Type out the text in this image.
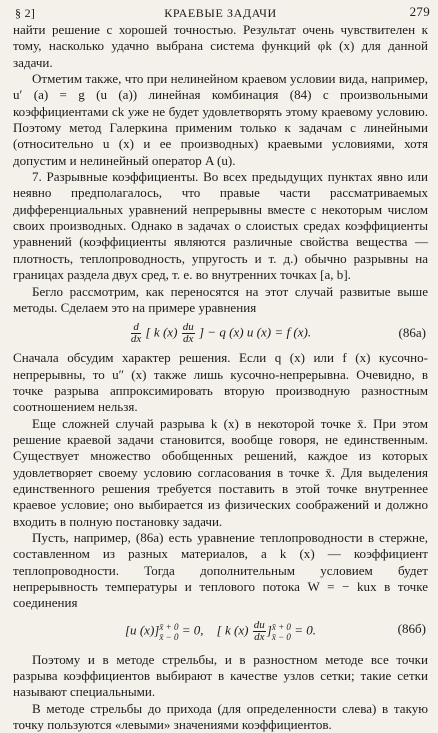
§ 2]	КРАЕВЫЕ ЗАДАЧИ	279

найти решение с хорошей точностью. Результат очень чувствителен к тому, насколько удачно выбрана система функций φk (x) для данной задачи.

Отметим также, что при нелинейном краевом условии вида, например, u′ (a) = g (u (a)) линейная комбинация (84) с произвольными коэффициентами ck уже не будет удовлетворять этому краевому условию. Поэтому метод Галеркина применим только к задачам с линейными (относительно u (x) и ее производных) краевыми условиями, хотя допустим и нелинейный оператор A (u).

7. Разрывные коэффициенты. Во всех предыдущих пунктах явно или неявно предполагалось, что правые части рассматриваемых дифференциальных уравнений непрерывны вместе с некоторым числом своих производных. Однако в задачах о слоистых средах коэффициенты уравнений (коэффициенты являются различные свойства вещества — плотность, теплопроводность, упругость и т. д.) обычно разрывны на границах раздела двух сред, т. е. во внутренних точках [a, b].

Бегло рассмотрим, как переносятся на этот случай развитые выше методы. Сделаем это на примере уравнения

$\frac{d}{dx}$ [ k $(x) \frac{du}{dx}$ ] − q (x) u (x) = f (x).	(86а)

Сначала обсудим характер решения. Если q (x) или f (x) кусочно-непрерывны, то u″ (x) также лишь кусочно-непрерывна. Очевидно, в точке разрыва аппроксимировать вторую производную разностным соотношением нельзя.

Еще сложней случай разрыва k (x) в некоторой точке x̄. При этом решение краевой задачи становится, вообще говоря, не единственным. Существует множество обобщенных решений, каждое из которых удовлетворяет своему условию согласования в точке x̄. Для выделения единственного решения требуется поставить в этой точке внутреннее краевое условие; оно выбирается из физических соображений и должно входить в полную постановку задачи.

Пусть, например, (86а) есть уравнение теплопроводности в стержне, составленном из разных материалов, а k (x) — коэффициент теплопроводности. Тогда дополнительным условием будет непрерывность температуры и теплового потока W = − kux в точке соединения

[u (x)] x̄ + 0
x̄ − 0 = 0, [ k $(x) \frac{du}{dx}$ ] x̄ + 0
x̄ − 0 = 0.	(86б)

Поэтому и в методе стрельбы, и в разностном методе все точки разрыва коэффициентов выбирают в качестве узлов сетки; такие сетки называют специальными.

В методе стрельбы до прихода (для определенности слева) в такую точку пользуются «левыми» значениями коэффициентов.
